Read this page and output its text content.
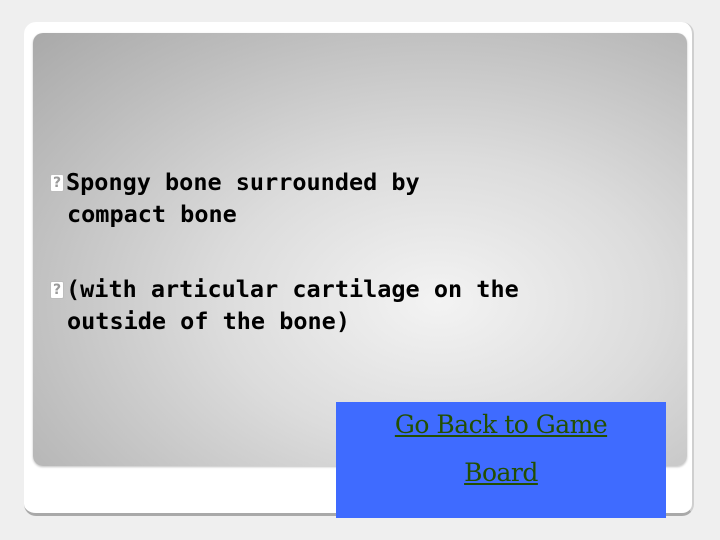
?Spongy bone surrounded by
compact bone
?(with articular cartilage on the
outside of the bone)
Go Back to Game
Board
